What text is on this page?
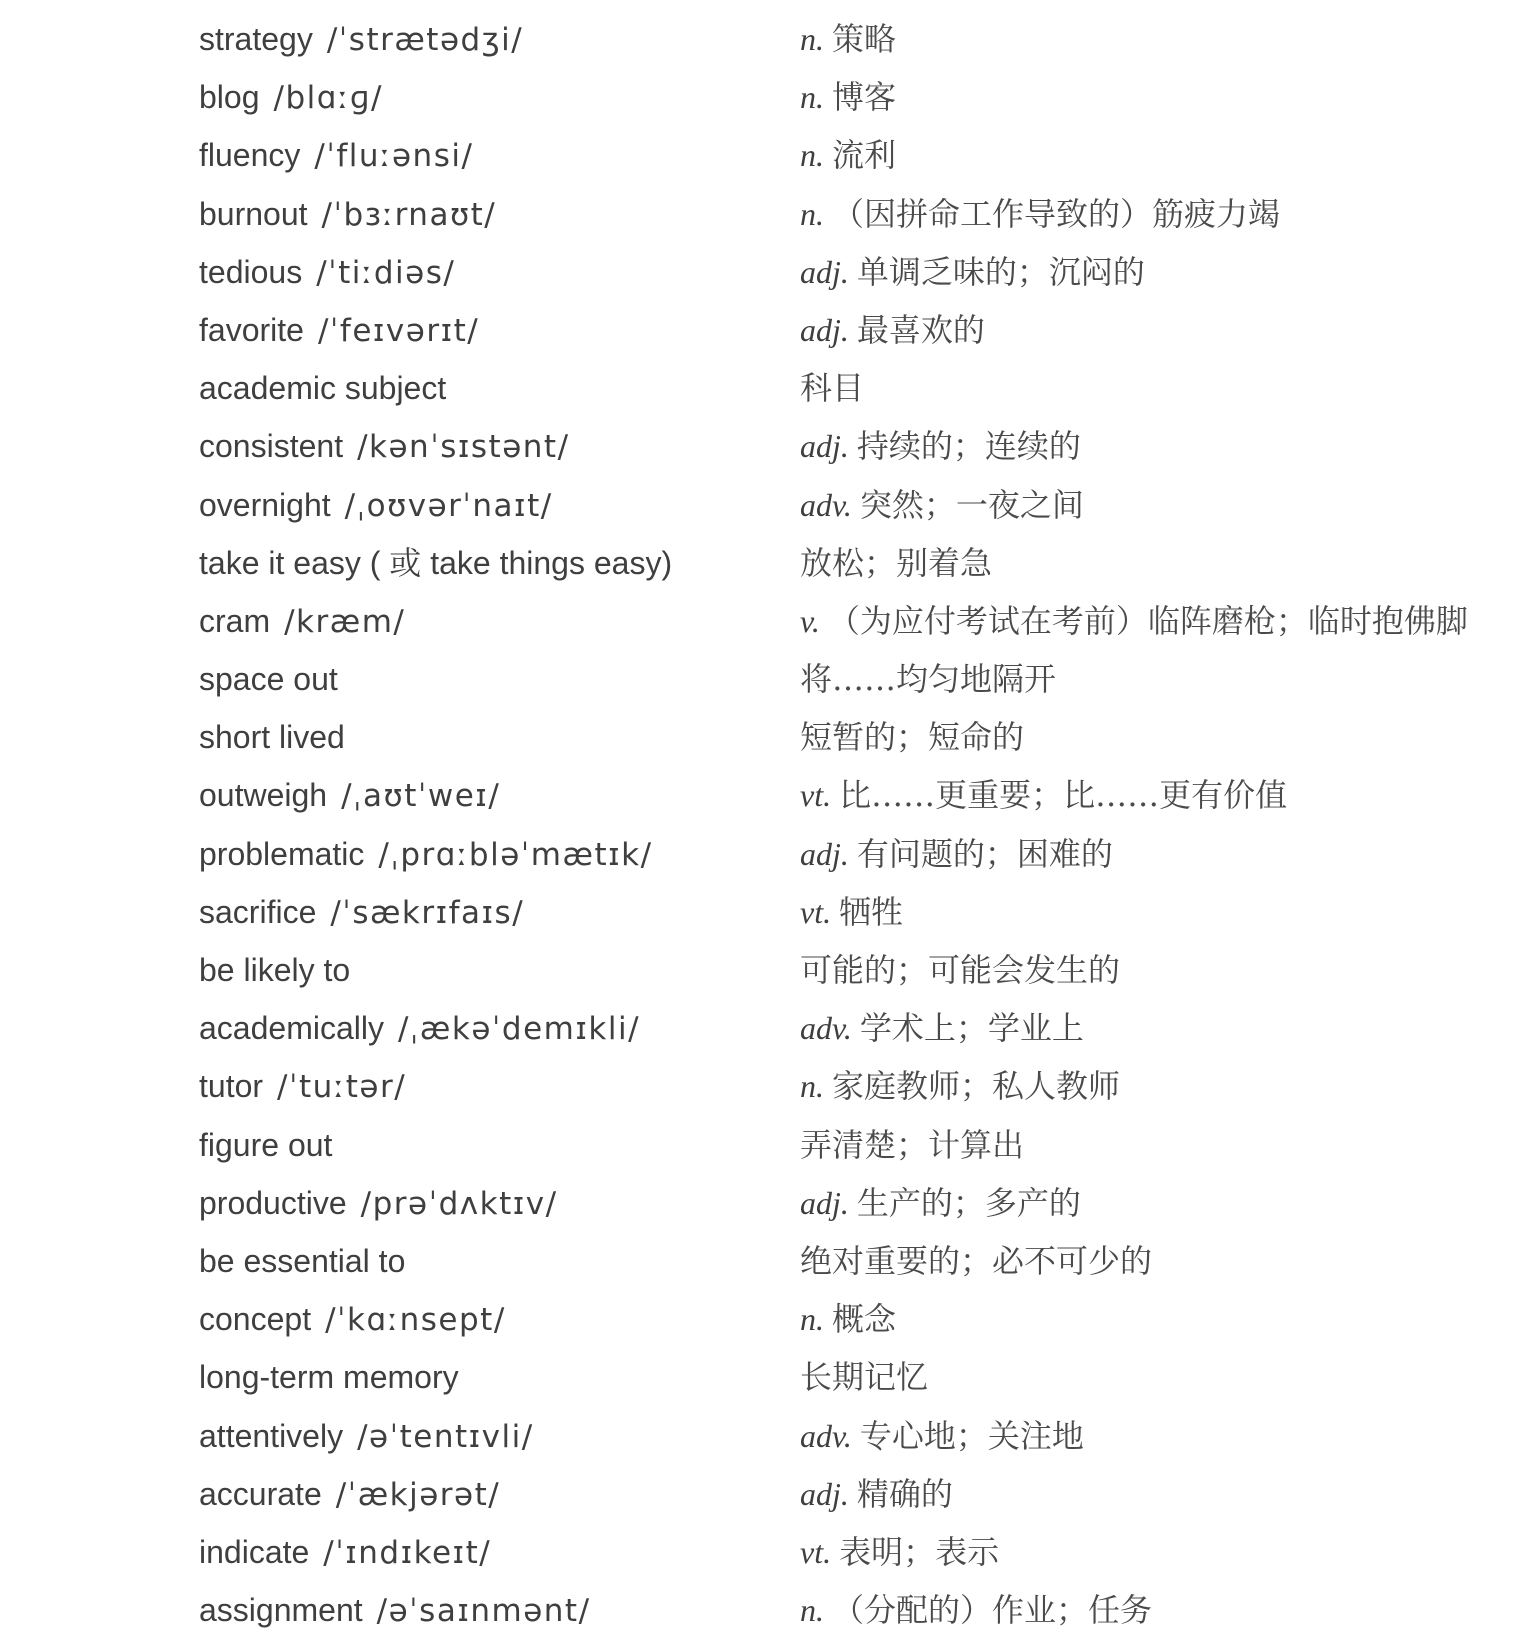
strategy /ˈstrætədʒi/	n. 策略
blog /blɑːɡ/	n. 博客
fluency /ˈfluːənsi/	n. 流利
burnout /ˈbɜːrnaʊt/	n. （因拼命工作导致的）筋疲力竭
tedious /ˈtiːdiəs/	adj. 单调乏味的；沉闷的
favorite /ˈfeɪvərɪt/	adj. 最喜欢的
academic subject	科目
consistent /kənˈsɪstənt/	adj. 持续的；连续的
overnight /ˌoʊvərˈnaɪt/	adv. 突然；一夜之间
take it easy ( 或 take things easy)	放松；别着急
cram /kræm/	v. （为应付考试在考前）临阵磨枪；临时抱佛脚
space out	将……均匀地隔开
short lived	短暂的；短命的
outweigh /ˌaʊtˈweɪ/	vt. 比……更重要；比……更有价值
problematic /ˌprɑːbləˈmætɪk/	adj. 有问题的；困难的
sacrifice /ˈsækrɪfaɪs/	vt. 牺牲
be likely to	可能的；可能会发生的
academically /ˌækəˈdemɪkli/	adv. 学术上；学业上
tutor /ˈtuːtər/	n. 家庭教师；私人教师
figure out	弄清楚；计算出
productive /prəˈdʌktɪv/	adj. 生产的；多产的
be essential to	绝对重要的；必不可少的
concept /ˈkɑːnsept/	n. 概念
long-term memory	长期记忆
attentively /əˈtentɪvli/	adv. 专心地；关注地
accurate /ˈækjərət/	adj. 精确的
indicate /ˈɪndɪkeɪt/	vt. 表明；表示
assignment /əˈsaɪnmənt/	n. （分配的）作业；任务
